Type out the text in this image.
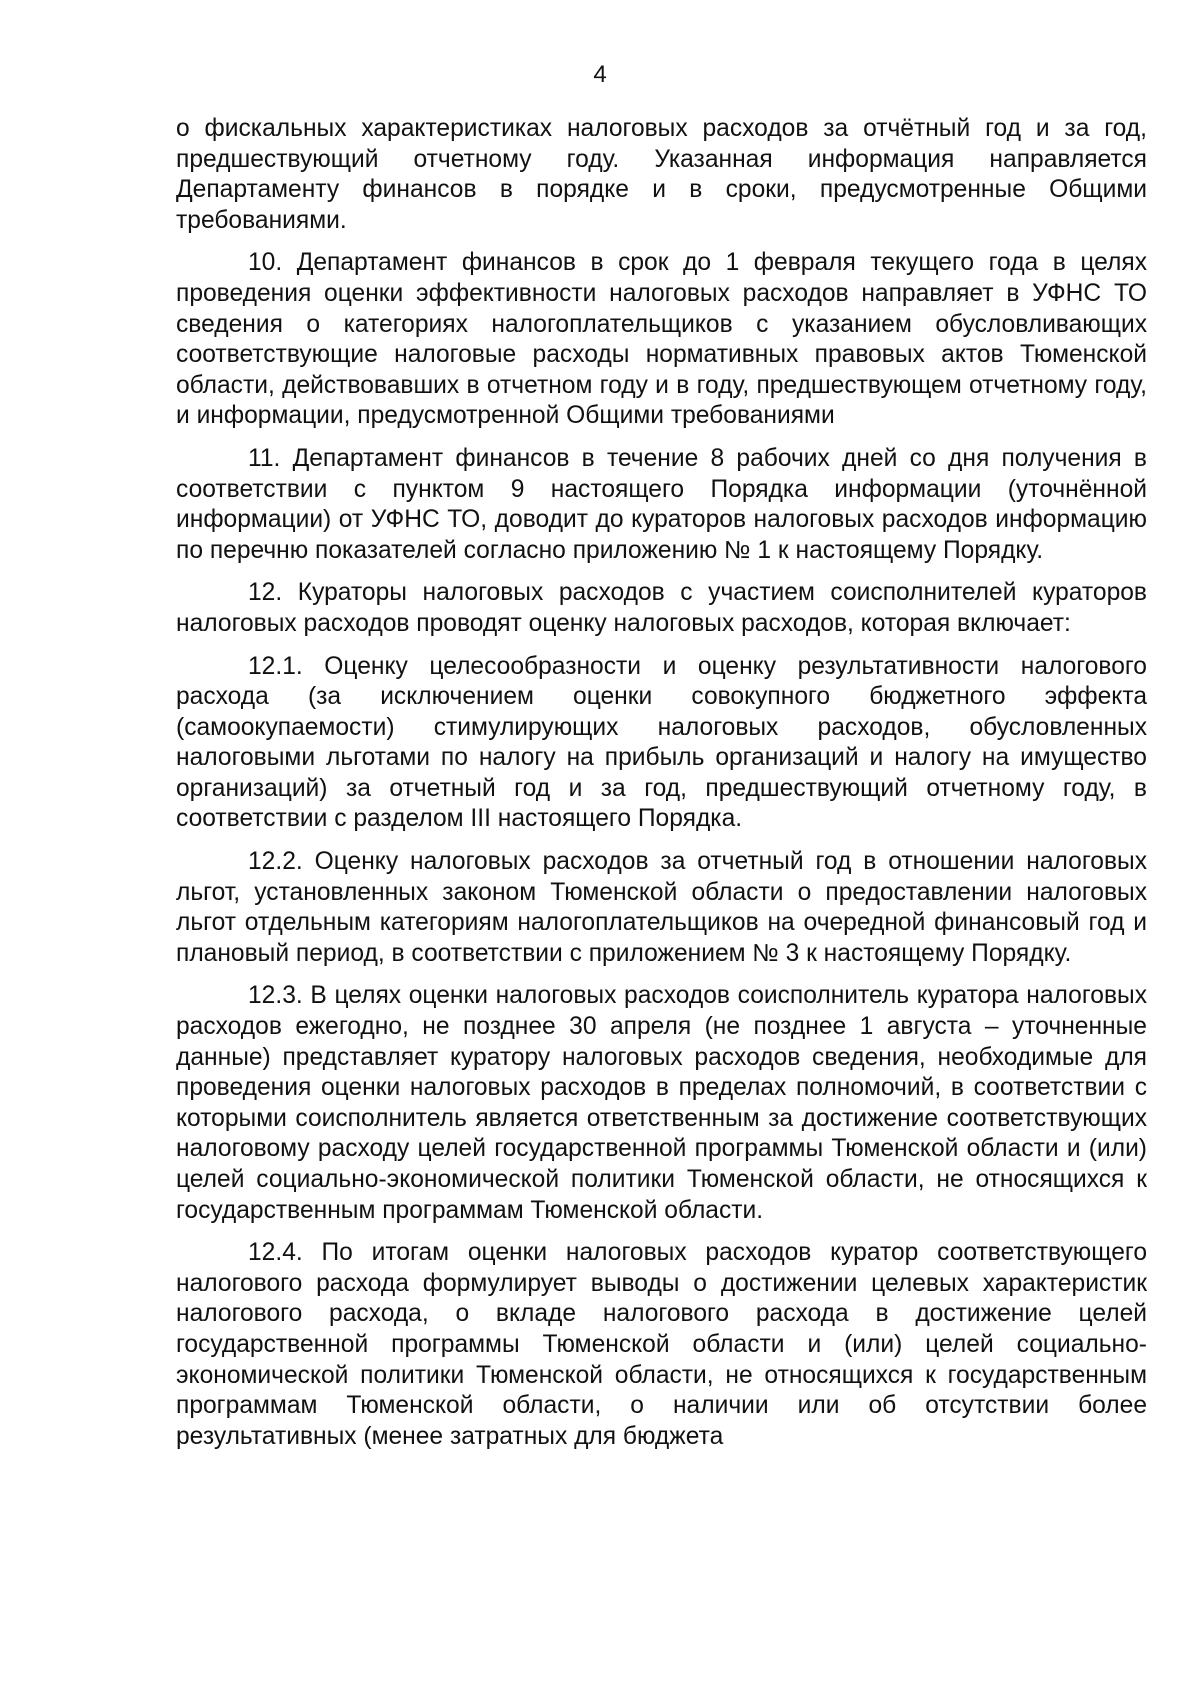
4

о фискальных характеристиках налоговых расходов за отчётный год и за год, предшествующий отчетному году. Указанная информация направляется Департаменту финансов в порядке и в сроки, предусмотренные Общими требованиями.

10. Департамент финансов в срок до 1 февраля текущего года в целях проведения оценки эффективности налоговых расходов направляет в УФНС ТО сведения о категориях налогоплательщиков с указанием обусловливающих соответствующие налоговые расходы нормативных правовых актов Тюменской области, действовавших в отчетном году и в году, предшествующем отчетному году, и информации, предусмотренной Общими требованиями

11. Департамент финансов в течение 8 рабочих дней со дня получения в соответствии с пунктом 9 настоящего Порядка информации (уточнённой информации) от УФНС ТО, доводит до кураторов налоговых расходов информацию по перечню показателей согласно приложению № 1 к настоящему Порядку.

12. Кураторы налоговых расходов с участием соисполнителей кураторов налоговых расходов проводят оценку налоговых расходов, которая включает:

12.1. Оценку целесообразности и оценку результативности налогового расхода (за исключением оценки совокупного бюджетного эффекта (самоокупаемости) стимулирующих налоговых расходов, обусловленных налоговыми льготами по налогу на прибыль организаций и налогу на имущество организаций) за отчетный год и за год, предшествующий отчетному году, в соответствии с разделом III настоящего Порядка.

12.2. Оценку налоговых расходов за отчетный год в отношении налоговых льгот, установленных законом Тюменской области о предоставлении налоговых льгот отдельным категориям налогоплательщиков на очередной финансовый год и плановый период, в соответствии с приложением № 3 к настоящему Порядку.

12.3. В целях оценки налоговых расходов соисполнитель куратора налоговых расходов ежегодно, не позднее 30 апреля (не позднее 1 августа – уточненные данные) представляет куратору налоговых расходов сведения, необходимые для проведения оценки налоговых расходов в пределах полномочий, в соответствии с которыми соисполнитель является ответственным за достижение соответствующих налоговому расходу целей государственной программы Тюменской области и (или) целей социально-экономической политики Тюменской области, не относящихся к государственным программам Тюменской области.

12.4. По итогам оценки налоговых расходов куратор соответствующего налогового расхода формулирует выводы о достижении целевых характеристик налогового расхода, о вкладе налогового расхода в достижение целей государственной программы Тюменской области и (или) целей социально-экономической политики Тюменской области, не относящихся к государственным программам Тюменской области, о наличии или об отсутствии более результативных (менее затратных для бюджета
